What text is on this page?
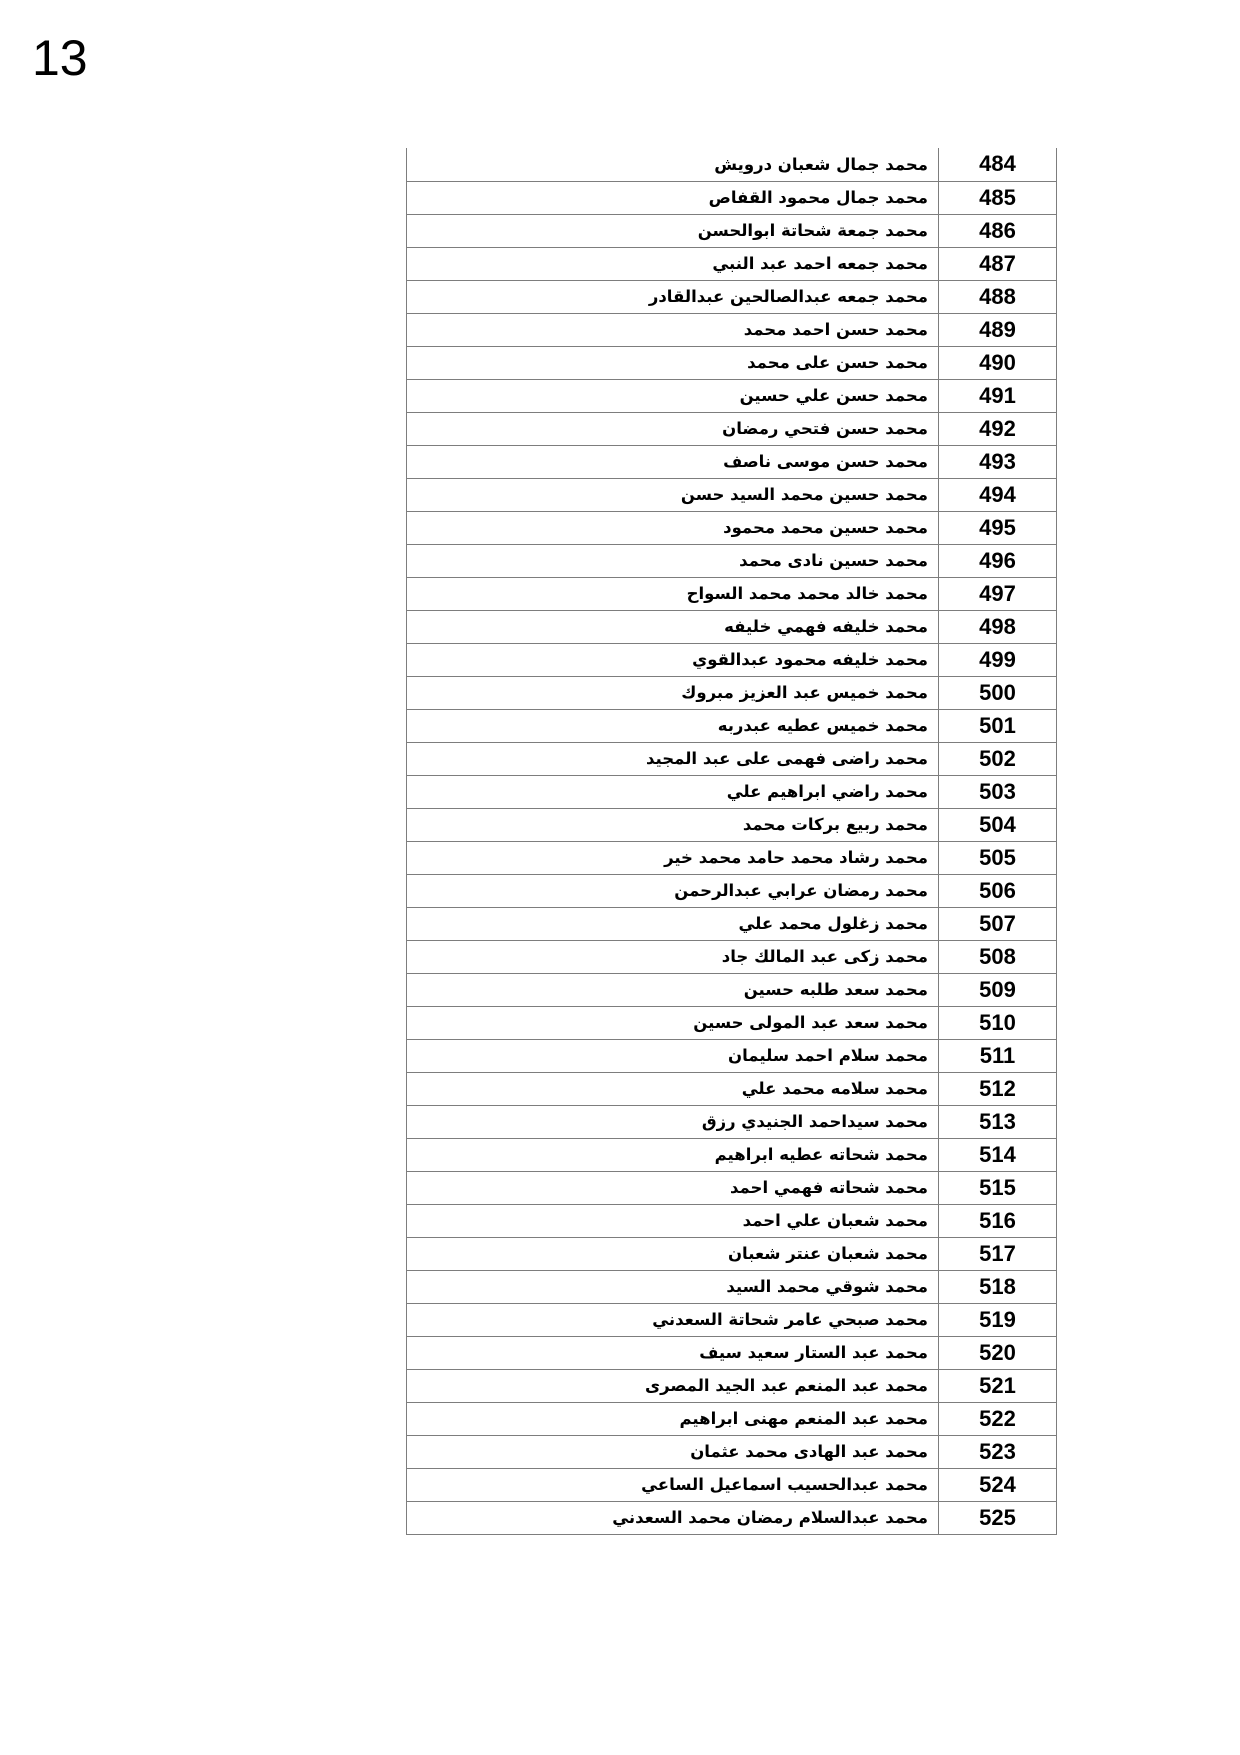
13
محمد جمال شعبان درويش	484
محمد جمال محمود القفاص	485
محمد جمعة شحاتة ابوالحسن	486
محمد جمعه احمد عبد النبي	487
محمد جمعه عبدالصالحين عبدالقادر	488
محمد حسن احمد محمد	489
محمد حسن على محمد	490
محمد حسن علي حسين	491
محمد حسن فتحي رمضان	492
محمد حسن موسى ناصف	493
محمد حسين محمد السيد حسن	494
محمد حسين محمد محمود	495
محمد حسين نادى محمد	496
محمد خالد محمد محمد السواح	497
محمد خليفه فهمي خليفه	498
محمد خليفه محمود عبدالقوي	499
محمد خميس عبد العزيز مبروك	500
محمد خميس عطيه عبدربه	501
محمد راضى فهمى على عبد المجيد	502
محمد راضي ابراهيم علي	503
محمد ربيع بركات محمد	504
محمد رشاد محمد حامد محمد خير	505
محمد رمضان عرابي عبدالرحمن	506
محمد زغلول محمد علي	507
محمد زكى عبد المالك جاد	508
محمد سعد طلبه حسين	509
محمد سعد عبد المولى حسين	510
محمد سلام احمد سليمان	511
محمد سلامه محمد علي	512
محمد سيداحمد الجنيدي رزق	513
محمد شحاته عطيه ابراهيم	514
محمد شحاته فهمي احمد	515
محمد شعبان علي احمد	516
محمد شعبان عنتر شعبان	517
محمد شوقي محمد السيد	518
محمد صبحي عامر شحاتة السعدني	519
محمد عبد الستار سعيد سيف	520
محمد عبد المنعم عبد الجيد المصرى	521
محمد عبد المنعم مهنى ابراهيم	522
محمد عبد الهادى محمد عثمان	523
محمد عبدالحسيب اسماعيل الساعي	524
محمد عبدالسلام رمضان محمد السعدني	525
